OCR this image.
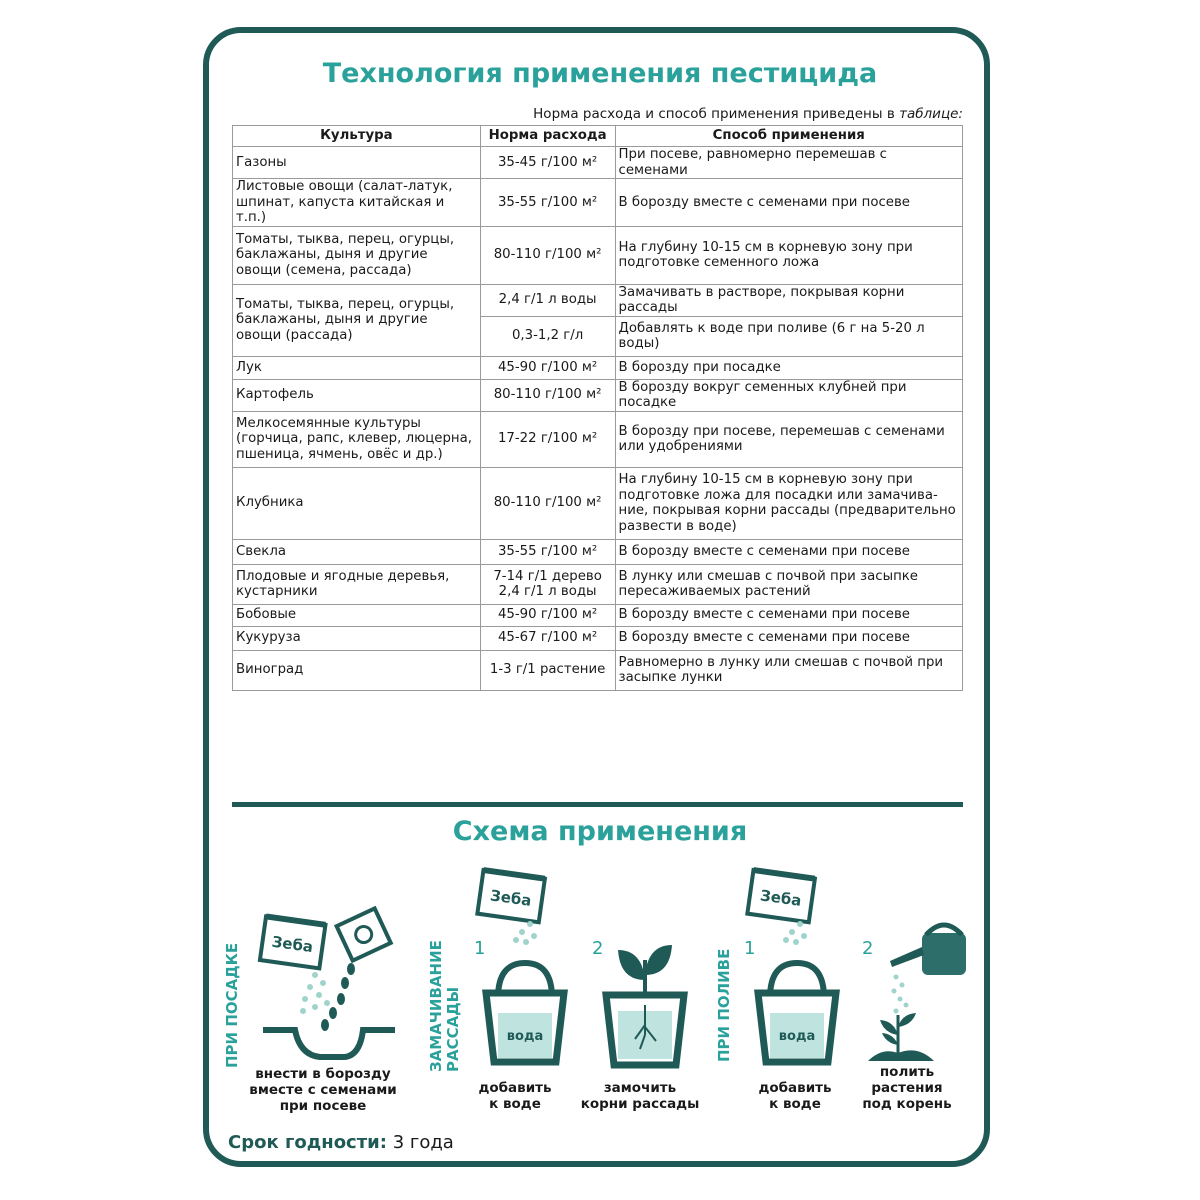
Технология применения пестицида
Норма расхода и способ применения приведены в таблице:
Культура	Норма расхода	Способ применения
Газоны	35-45 г/100 м²	При посеве, равномерно перемешав с семенами
Листовые овощи (салат-латук, шпинат, капуста китайская и т.п.)	35-55 г/100 м²	В борозду вместе с семенами при посеве
Томаты, тыква, перец, огурцы, баклажаны, дыня и другие овощи (семена, рассада)	80-110 г/100 м²	На глубину 10-15 см в корневую зону при подготовке семенного ложа
Томаты, тыква, перец, огурцы, баклажаны, дыня и другие овощи (рассада)	2,4 г/1 л воды	Замачивать в растворе, покрывая корни рассады
	0,3-1,2 г/л	Добавлять к воде при поливе (6 г на 5-20 л воды)
Лук	45-90 г/100 м²	В борозду при посадке
Картофель	80-110 г/100 м²	В борозду вокруг семенных клубней при посадке
Мелкосемянные культуры (горчица, рапс, клевер, люцерна, пшеница, ячмень, овёс и др.)	17-22 г/100 м²	В борозду при посеве, перемешав с семенами или удобрениями
Клубника	80-110 г/100 м²	На глубину 10-15 см в корневую зону при подготовке ложа для посадки или замачива-ние, покрывая корни рассады (предварительно развести в воде)
Свекла	35-55 г/100 м²	В борозду вместе с семенами при посеве
Плодовые и ягодные деревья, кустарники	7-14 г/1 дерево 2,4 г/1 л воды	В лунку или смешав с почвой при засыпке пересаживаемых растений
Бобовые	45-90 г/100 м²	В борозду вместе с семенами при посеве
Кукуруза	45-67 г/100 м²	В борозду вместе с семенами при посеве
Виноград	1-3 г/1 растение	Равномерно в лунку или смешав с почвой при засыпке лунки
Схема применения
ПРИ ПОСАДКЕ	ЗАМАЧИВАНИЕ
РАССАДЫ	ПРИ ПОЛИВЕ
1	2	1	2
Зеба
Зеба
вода
Зеба
вода
внести в борозду
вместе с семенами
при посеве
добавить
к воде
замочить
корни рассады
добавить
к воде
полить
растения
под корень
Срок годности: 3 года
